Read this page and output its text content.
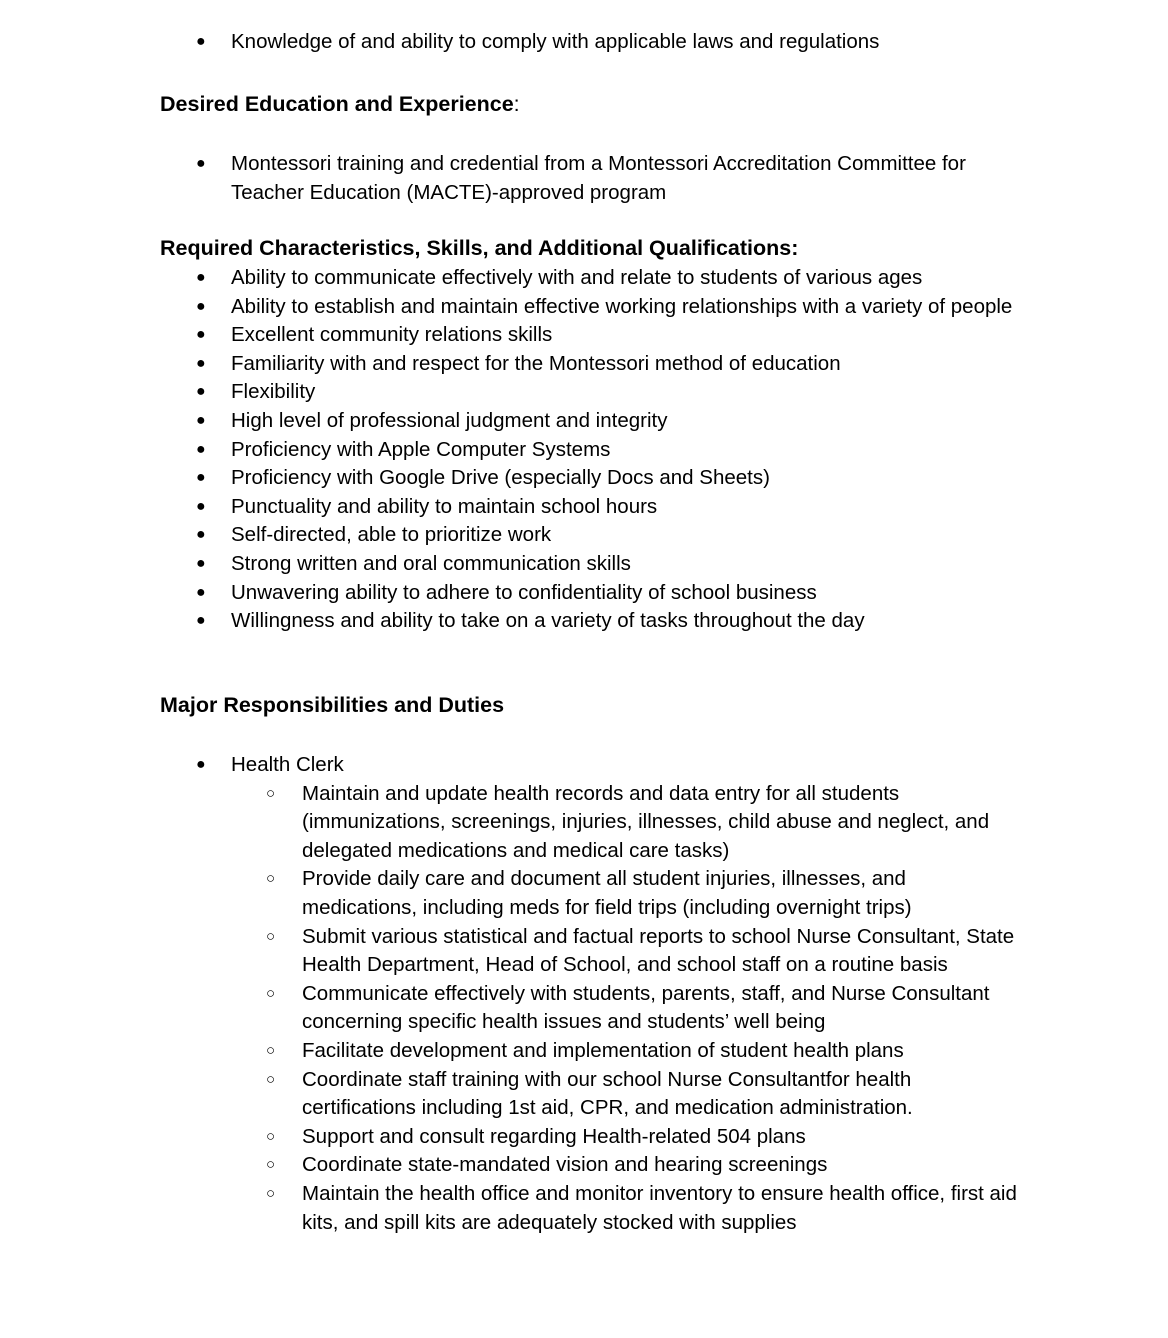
● Knowledge of and ability to comply with applicable laws and regulations
Desired Education and Experience:
● Montessori training and credential from a Montessori Accreditation Committee for Teacher Education (MACTE)-approved program
Required Characteristics, Skills, and Additional Qualifications:
● Ability to communicate effectively with and relate to students of various ages
● Ability to establish and maintain effective working relationships with a variety of people
● Excellent community relations skills
● Familiarity with and respect for the Montessori method of education
● Flexibility
● High level of professional judgment and integrity
● Proficiency with Apple Computer Systems
● Proficiency with Google Drive (especially Docs and Sheets)
● Punctuality and ability to maintain school hours
● Self-directed, able to prioritize work
● Strong written and oral communication skills
● Unwavering ability to adhere to confidentiality of school business
● Willingness and ability to take on a variety of tasks throughout the day
Major Responsibilities and Duties
● Health Clerk
○ Maintain and update health records and data entry for all students (immunizations, screenings, injuries, illnesses, child abuse and neglect, and delegated medications and medical care tasks)
○ Provide daily care and document all student injuries, illnesses, and medications, including meds for field trips (including overnight trips)
○ Submit various statistical and factual reports to school Nurse Consultant, State Health Department, Head of School, and school staff on a routine basis
○ Communicate effectively with students, parents, staff, and Nurse Consultant concerning specific health issues and students’ well being
○ Facilitate development and implementation of student health plans
○ Coordinate staff training with our school Nurse Consultantfor health certifications including 1st aid, CPR, and medication administration.
○ Support and consult regarding Health-related 504 plans
○ Coordinate state-mandated vision and hearing screenings
○ Maintain the health office and monitor inventory to ensure health office, first aid kits, and spill kits are adequately stocked with supplies
